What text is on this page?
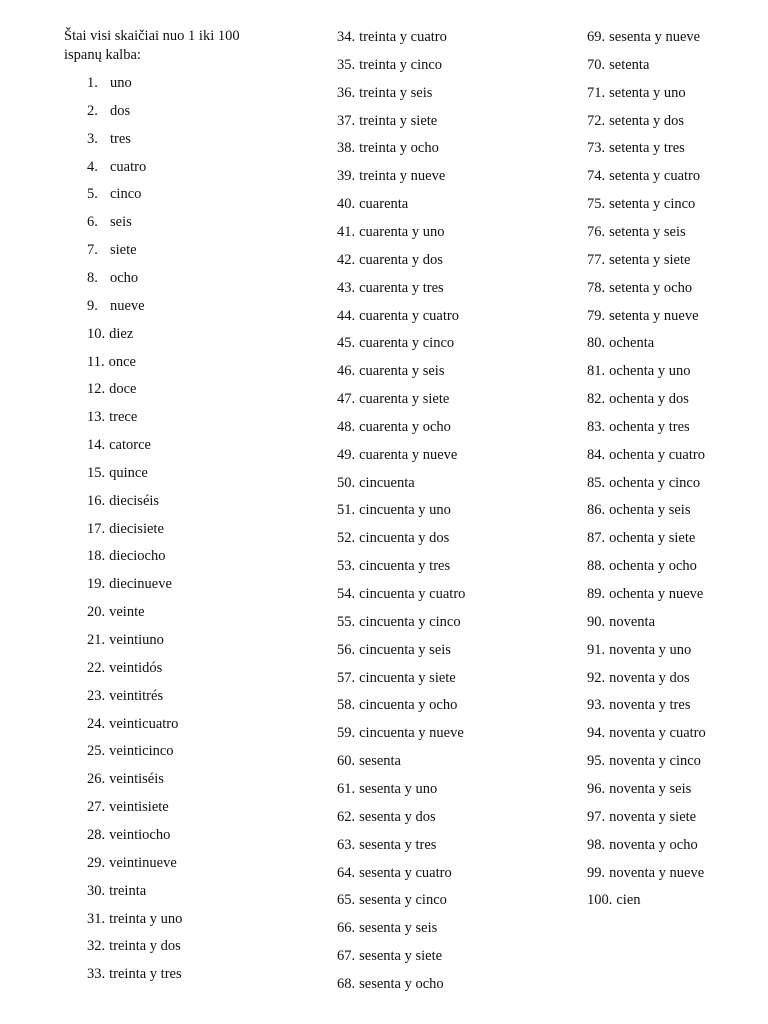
Štai visi skaičiai nuo 1 iki 100 ispanų kalba:

1. uno
2. dos
3. tres
4. cuatro
5. cinco
6. seis
7. siete
8. ocho
9. nueve
10. diez
11. once
12. doce
13. trece
14. catorce
15. quince
16. dieciséis
17. diecisiete
18. dieciocho
19. diecinueve
20. veinte
21. veintiuno
22. veintidós
23. veintitrés
24. veinticuatro
25. veinticinco
26. veintiséis
27. veintisiete
28. veintiocho
29. veintinueve
30. treinta
31. treinta y uno
32. treinta y dos
33. treinta y tres
34. treinta y cuatro
35. treinta y cinco
36. treinta y seis
37. treinta y siete
38. treinta y ocho
39. treinta y nueve
40. cuarenta
41. cuarenta y uno
42. cuarenta y dos
43. cuarenta y tres
44. cuarenta y cuatro
45. cuarenta y cinco
46. cuarenta y seis
47. cuarenta y siete
48. cuarenta y ocho
49. cuarenta y nueve
50. cincuenta
51. cincuenta y uno
52. cincuenta y dos
53. cincuenta y tres
54. cincuenta y cuatro
55. cincuenta y cinco
56. cincuenta y seis
57. cincuenta y siete
58. cincuenta y ocho
59. cincuenta y nueve
60. sesenta
61. sesenta y uno
62. sesenta y dos
63. sesenta y tres
64. sesenta y cuatro
65. sesenta y cinco
66. sesenta y seis
67. sesenta y siete
68. sesenta y ocho
69. sesenta y nueve
70. setenta
71. setenta y uno
72. setenta y dos
73. setenta y tres
74. setenta y cuatro
75. setenta y cinco
76. setenta y seis
77. setenta y siete
78. setenta y ocho
79. setenta y nueve
80. ochenta
81. ochenta y uno
82. ochenta y dos
83. ochenta y tres
84. ochenta y cuatro
85. ochenta y cinco
86. ochenta y seis
87. ochenta y siete
88. ochenta y ocho
89. ochenta y nueve
90. noventa
91. noventa y uno
92. noventa y dos
93. noventa y tres
94. noventa y cuatro
95. noventa y cinco
96. noventa y seis
97. noventa y siete
98. noventa y ocho
99. noventa y nueve
100. cien
